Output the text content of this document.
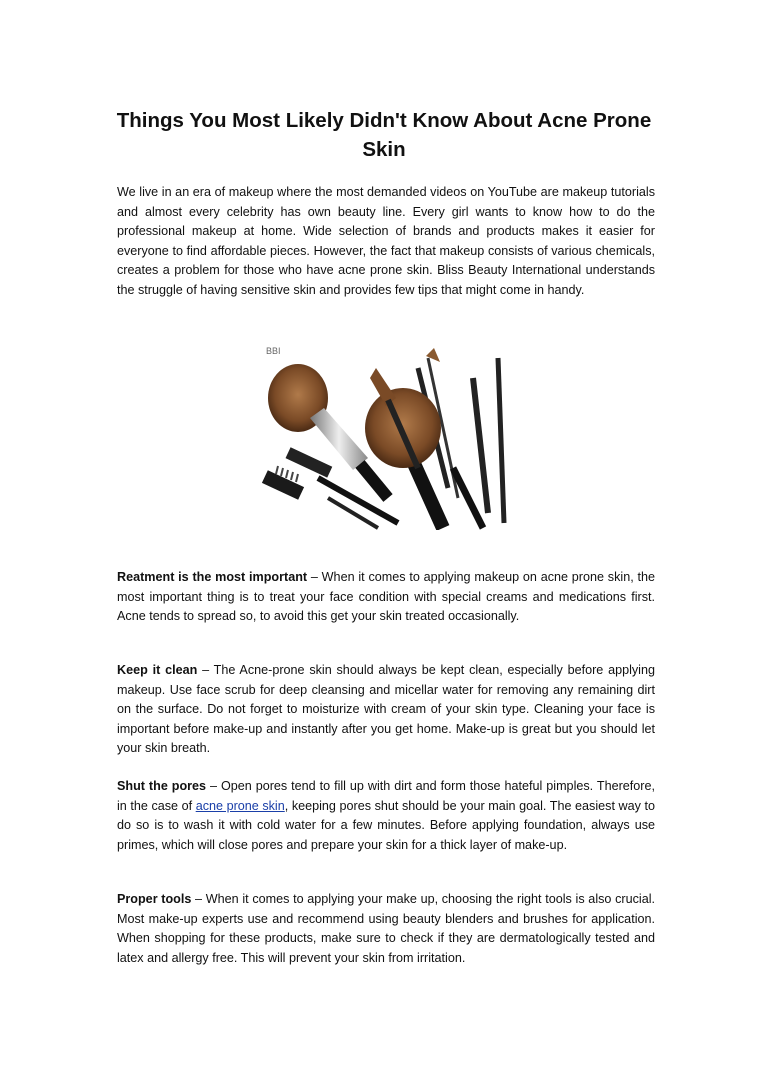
Things You Most Likely Didn't Know About Acne Prone Skin

We live in an era of makeup where the most demanded videos on YouTube are makeup tutorials and almost every celebrity has own beauty line. Every girl wants to know how to do the professional makeup at home. Wide selection of brands and products makes it easier for everyone to find affordable pieces. However, the fact that makeup consists of various chemicals, creates a problem for those who have acne prone skin. Bliss Beauty International understands the struggle of having sensitive skin and provides few tips that might come in handy.

BBI

Reatment is the most important – When it comes to applying makeup on acne prone skin, the most important thing is to treat your face condition with special creams and medications first. Acne tends to spread so, to avoid this get your skin treated occasionally.

Keep it clean – The Acne-prone skin should always be kept clean, especially before applying makeup. Use face scrub for deep cleansing and micellar water for removing any remaining dirt on the surface. Do not forget to moisturize with cream of your skin type. Cleaning your face is important before make-up and instantly after you get home. Make-up is great but you should let your skin breath.

Shut the pores – Open pores tend to fill up with dirt and form those hateful pimples. Therefore, in the case of acne prone skin, keeping pores shut should be your main goal. The easiest way to do so is to wash it with cold water for a few minutes. Before applying foundation, always use primes, which will close pores and prepare your skin for a thick layer of make-up.

Proper tools – When it comes to applying your make up, choosing the right tools is also crucial. Most make-up experts use and recommend using beauty blenders and brushes for application. When shopping for these products, make sure to check if they are dermatologically tested and latex and allergy free. This will prevent your skin from irritation.
